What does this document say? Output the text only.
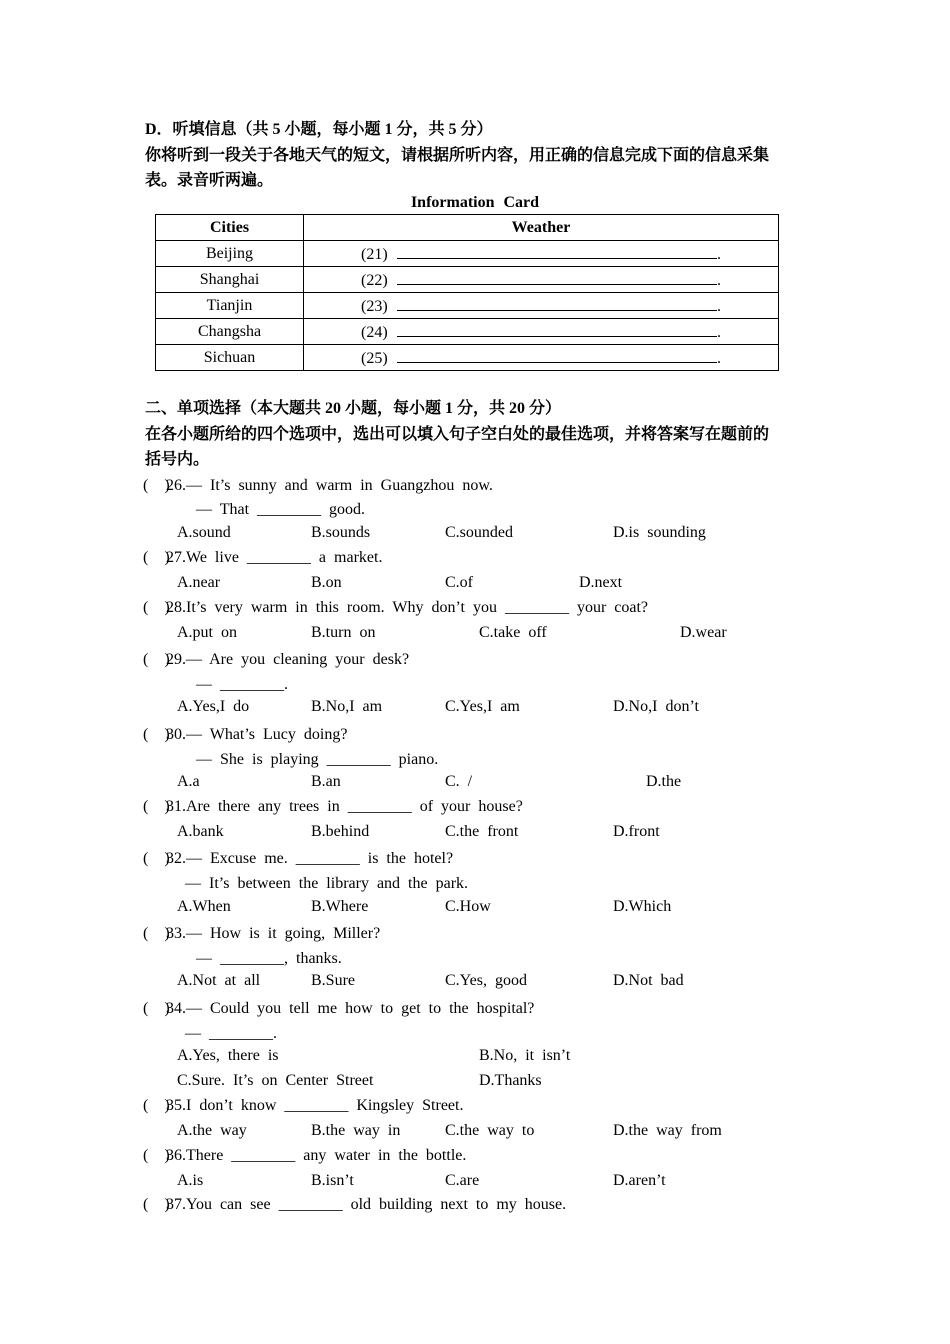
D．听填信息（共 5 小题，每小题 1 分，共 5 分）
你将听到一段关于各地天气的短文，请根据所听内容，用正确的信息完成下面的信息采集
表。录音听两遍。
Information Card
Cities	Weather
Beijing	(21) .
Shanghai	(22) .
Tianjin	(23) .
Changsha	(24) .
Sichuan	(25) .
二、单项选择（本大题共 20 小题，每小题 1 分，共 20 分）
在各小题所给的四个选项中，选出可以填入句子空白处的最佳选项，并将答案写在题前的
括号内。
(    )
26.— It’s sunny and warm in Guangzhou now.
— That ________ good.
A.sound	B.sounds	C.sounded	D.is sounding
(    )
27.We live ________ a market.
A.near	B.on	C.of	D.next
(    )
28.It’s very warm in this room. Why don’t you ________ your coat?
A.put on	B.turn on	C.take off	D.wear
(    )
29.— Are you cleaning your desk?
— ________.
A.Yes,I do	B.No,I am	C.Yes,I am	D.No,I don’t
(    )
30.— What’s Lucy doing?
— She is playing ________ piano.
A.a	B.an	C. /	D.the
(    )
31.Are there any trees in ________ of your house?
A.bank	B.behind	C.the front	D.front
(    )
32.— Excuse me. ________ is the hotel?
— It’s between the library and the park.
A.When	B.Where	C.How	D.Which
(    )
33.— How is it going, Miller?
— ________, thanks.
A.Not at all	B.Sure	C.Yes, good	D.Not bad
(    )
34.— Could you tell me how to get to the hospital?
— ________.
A.Yes, there is	B.No, it isn’t
C.Sure. It’s on Center Street	D.Thanks
(    )
35.I don’t know ________ Kingsley Street.
A.the way	B.the way in	C.the way to	D.the way from
(    )
36.There ________ any water in the bottle.
A.is	B.isn’t	C.are	D.aren’t
(    )
37.You can see ________ old building next to my house.
